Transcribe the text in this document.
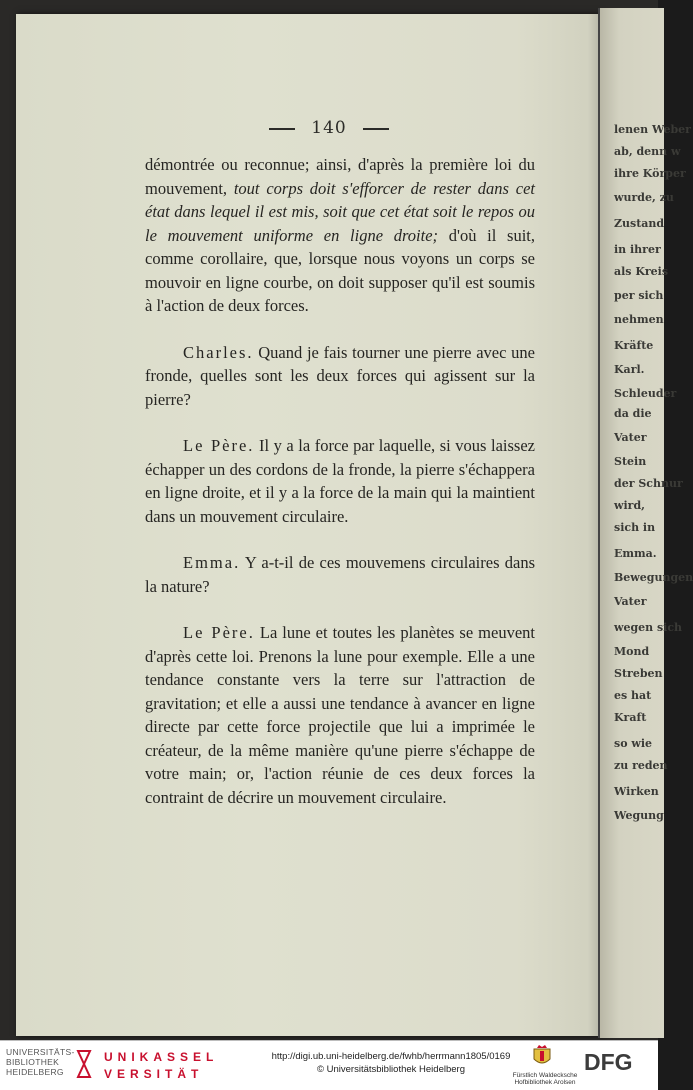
lenen Weber
ab, denn w
ihre Körper
wurde, zu
Zustand
in ihrer
als Kreis
per sich
nehmen
Kräfte
Karl.
Schleuder
da die
Vater
Stein
der Schnur
wird,
sich in
Emma.
Bewegungen
Vater
wegen sich
Mond
Streben
es hat
Kraft
so wie
zu reden
Wirken
Wegung
140

démontrée ou reconnue; ainsi, d'après la première loi du mouvement, tout corps doit s'efforcer de rester dans cet état dans lequel il est mis, soit que cet état soit le repos ou le mouvement uniforme en ligne droite; d'où il suit, comme corollaire, que, lorsque nous voyons un corps se mouvoir en ligne courbe, on doit supposer qu'il est soumis à l'action de deux forces.

Charles. Quand je fais tourner une pierre avec une fronde, quelles sont les deux forces qui agissent sur la pierre?

Le Père. Il y a la force par laquelle, si vous laissez échapper un des cordons de la fronde, la pierre s'échappera en ligne droite, et il y a la force de la main qui la maintient dans un mouvement circulaire.

Emma. Y a-t-il de ces mouvemens circulaires dans la nature?

Le Père. La lune et toutes les planètes se meuvent d'après cette loi. Prenons la lune pour exemple. Elle a une tendance constante vers la terre sur l'attraction de gravitation; et elle a aussi une tendance à avancer en ligne directe par cette force projectile que lui a imprimée le créateur, de la même manière qu'une pierre s'échappe de votre main; or, l'action réunie de ces deux forces la contraint de décrire un mouvement circulaire.

UNIVERSITÄTS-
BIBLIOTHEK
HEIDELBERG
UNIKASSEL
VERSITÄT
http://digi.ub.uni-heidelberg.de/fwhb/herrmann1805/0169
© Universitätsbibliothek Heidelberg
Fürstlich Waldecksche
Hofbibliothek Arolsen
DFG
